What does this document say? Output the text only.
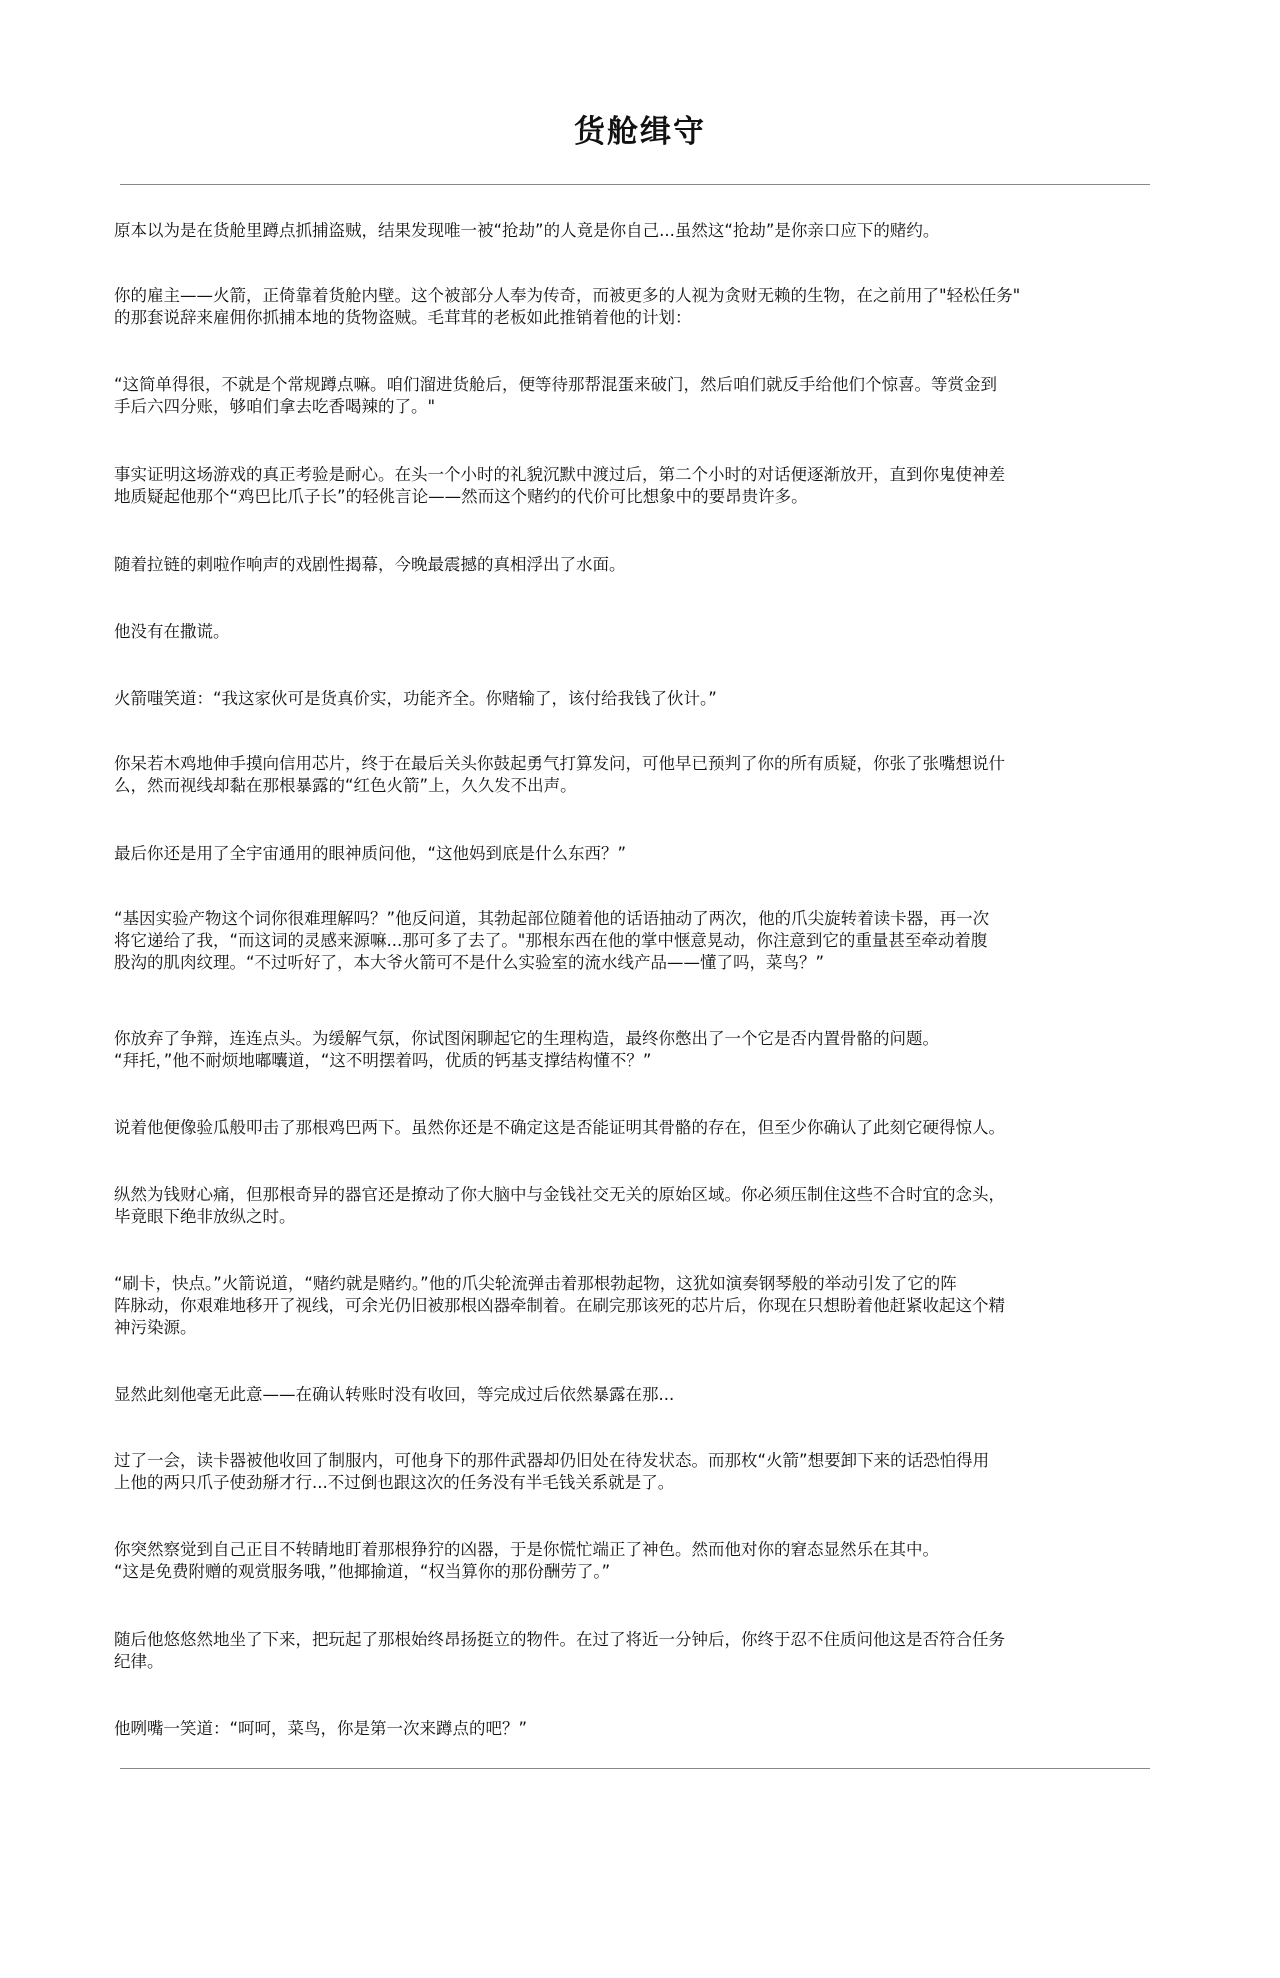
货舱缉守
原本以为是在货舱里蹲点抓捕盗贼，结果发现唯一被“抢劫”的人竟是你自己...虽然这“抢劫”是你亲口应下的赌约。
你的雇主——火箭，正倚靠着货舱内壁。这个被部分人奉为传奇，而被更多的人视为贪财无赖的生物，在之前用了"轻松任务"
的那套说辞来雇佣你抓捕本地的货物盗贼。毛茸茸的老板如此推销着他的计划：
“这简单得很，不就是个常规蹲点嘛。咱们溜进货舱后，便等待那帮混蛋来破门，然后咱们就反手给他们个惊喜。等赏金到
手后六四分账，够咱们拿去吃香喝辣的了。"
事实证明这场游戏的真正考验是耐心。在头一个小时的礼貌沉默中渡过后，第二个小时的对话便逐渐放开，直到你鬼使神差
地质疑起他那个“鸡巴比爪子长”的轻佻言论——然而这个赌约的代价可比想象中的要昂贵许多。
随着拉链的刺啦作响声的戏剧性揭幕，今晚最震撼的真相浮出了水面。
他没有在撒谎。
火箭嗤笑道：“我这家伙可是货真价实，功能齐全。你赌输了，该付给我钱了伙计。”
你呆若木鸡地伸手摸向信用芯片，终于在最后关头你鼓起勇气打算发问，可他早已预判了你的所有质疑，你张了张嘴想说什
么，然而视线却黏在那根暴露的“红色火箭”上，久久发不出声。
最后你还是用了全宇宙通用的眼神质问他，“这他妈到底是什么东西？”
“基因实验产物这个词你很难理解吗？”他反问道，其勃起部位随着他的话语抽动了两次，他的爪尖旋转着读卡器，再一次
将它递给了我，“而这词的灵感来源嘛...那可多了去了。"那根东西在他的掌中惬意晃动，你注意到它的重量甚至牵动着腹
股沟的肌肉纹理。“不过听好了，本大爷火箭可不是什么实验室的流水线产品——懂了吗，菜鸟？”
你放弃了争辩，连连点头。为缓解气氛，你试图闲聊起它的生理构造，最终你憋出了一个它是否内置骨骼的问题。
“拜托，”他不耐烦地嘟囔道，“这不明摆着吗，优质的钙基支撑结构懂不？”
说着他便像验瓜般叩击了那根鸡巴两下。虽然你还是不确定这是否能证明其骨骼的存在，但至少你确认了此刻它硬得惊人。
纵然为钱财心痛，但那根奇异的器官还是撩动了你大脑中与金钱社交无关的原始区域。你必须压制住这些不合时宜的念头，
毕竟眼下绝非放纵之时。
“刷卡，快点。”火箭说道，“赌约就是赌约。”他的爪尖轮流弹击着那根勃起物，这犹如演奏钢琴般的举动引发了它的阵
阵脉动，你艰难地移开了视线，可余光仍旧被那根凶器牵制着。在刷完那该死的芯片后，你现在只想盼着他赶紧收起这个精
神污染源。
显然此刻他毫无此意——在确认转账时没有收回，等完成过后依然暴露在那...
过了一会，读卡器被他收回了制服内，可他身下的那件武器却仍旧处在待发状态。而那枚“火箭”想要卸下来的话恐怕得用
上他的两只爪子使劲掰才行...不过倒也跟这次的任务没有半毛钱关系就是了。
你突然察觉到自己正目不转睛地盯着那根狰狞的凶器，于是你慌忙端正了神色。然而他对你的窘态显然乐在其中。
“这是免费附赠的观赏服务哦，”他揶揄道，“权当算你的那份酬劳了。”
随后他悠悠然地坐了下来，把玩起了那根始终昂扬挺立的物件。在过了将近一分钟后，你终于忍不住质问他这是否符合任务
纪律。
他咧嘴一笑道：“呵呵，菜鸟，你是第一次来蹲点的吧？”
